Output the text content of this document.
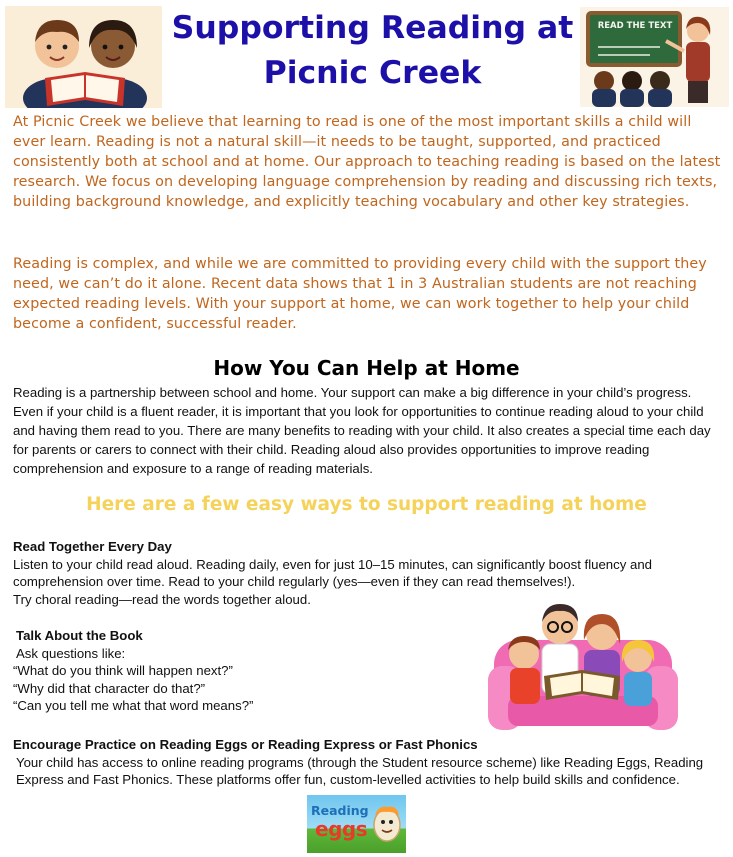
Supporting Reading at
Picnic Creek
READ THE TEXT

At Picnic Creek we believe that learning to read is one of the most important skills a child will ever learn. Reading is not a natural skill—it needs to be taught, supported, and practiced consistently both at school and at home. Our approach to teaching reading is based on the latest research. We focus on developing language comprehension by reading and discussing rich texts, building background knowledge, and explicitly teaching vocabulary and other key strategies.

Reading is complex, and while we are committed to providing every child with the support they need, we can’t do it alone. Recent data shows that 1 in 3 Australian students are not reaching expected reading levels. With your support at home, we can work together to help your child become a confident, successful reader.

How You Can Help at Home

Reading is a partnership between school and home. Your support can make a big difference in your child’s progress. Even if your child is a fluent reader, it is important that you look for opportunities to continue reading aloud to your child and having them read to you. There are many benefits to reading with your child. It also creates a special time each day for parents or carers to connect with their child. Reading aloud also provides opportunities to improve reading comprehension and exposure to a range of reading materials.

Here are a few easy ways to support reading at home

Read Together Every Day

Listen to your child read aloud. Reading daily, even for just 10–15 minutes, can significantly boost fluency and comprehension over time. Read to your child regularly (yes—even if they can read themselves!).

Try choral reading—read the words together aloud.

Talk About the Book

Ask questions like:

“What do you think will happen next?”

“Why did that character do that?”

“Can you tell me what that word means?”

Encourage Practice on Reading Eggs or Reading Express or Fast Phonics

Your child has access to online reading programs (through the Student resource scheme) like Reading Eggs, Reading Express and Fast Phonics. These platforms offer fun, custom-levelled activities to help build skills and confidence.

Reading
eggs
